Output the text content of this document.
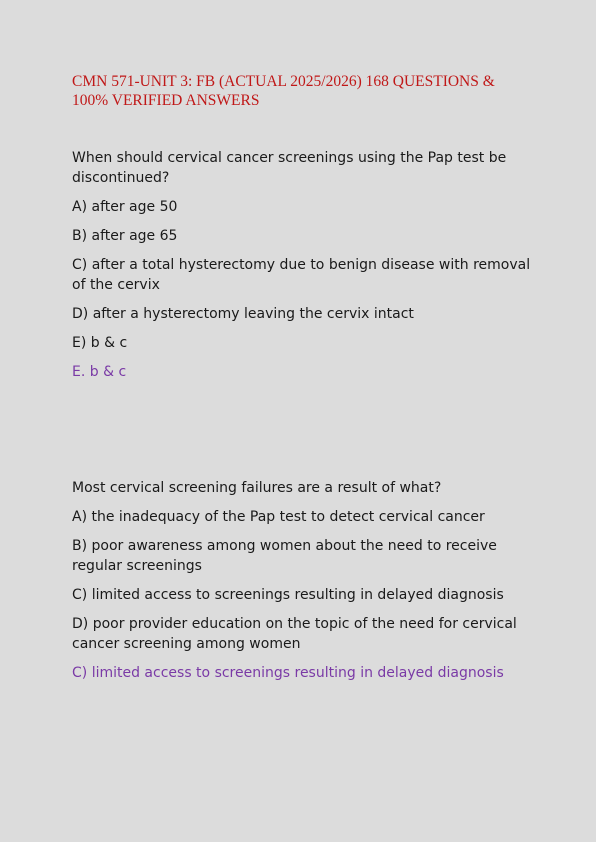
CMN 571-UNIT 3: FB (ACTUAL 2025/2026) 168 QUESTIONS & 100% VERIFIED ANSWERS

When should cervical cancer screenings using the Pap test be discontinued?

A) after age 50

B) after age 65

C) after a total hysterectomy due to benign disease with removal of the cervix

D) after a hysterectomy leaving the cervix intact

E) b & c

E. b & c

Most cervical screening failures are a result of what?

A) the inadequacy of the Pap test to detect cervical cancer

B) poor awareness among women about the need to receive regular screenings

C) limited access to screenings resulting in delayed diagnosis

D) poor provider education on the topic of the need for cervical cancer screening among women

C) limited access to screenings resulting in delayed diagnosis
